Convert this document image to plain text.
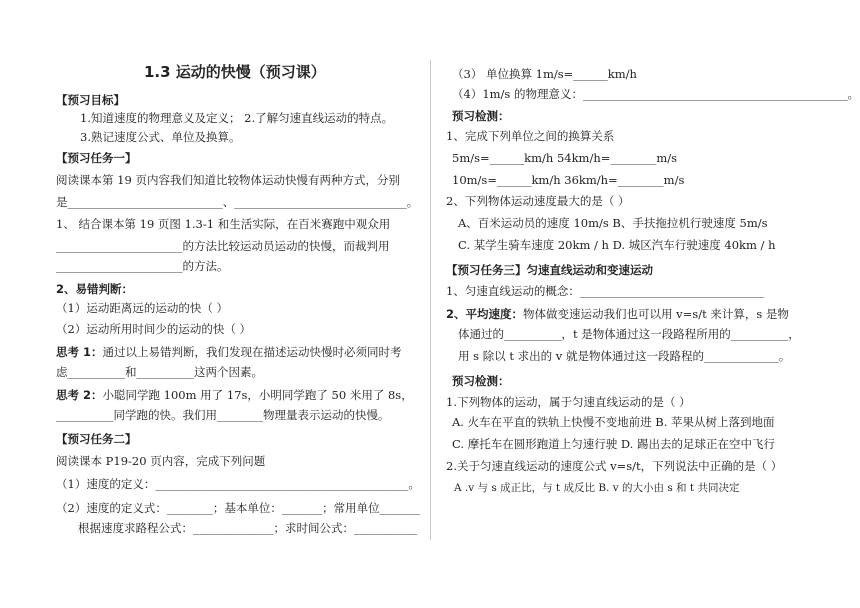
1.3 运动的快慢（预习课）
【预习目标】
1.知道速度的物理意义及定义； 2.了解匀速直线运动的特点。
3.熟记速度公式、单位及换算。
【预习任务一】
阅读课本第 19 页内容我们知道比较物体运动快慢有两种方式，分别
是___________________________、______________________________。
1、 结合课本第 19 页图 1.3-1 和生活实际，在百米赛跑中观众用
______________________的方法比较运动员运动的快慢，而裁判用
______________________的方法。
2、易错判断：
（1）运动距离远的运动的快（ ）
（2）运动所用时间少的运动的快（ ）
思考 1：通过以上易错判断，我们发现在描述运动快慢时必须同时考
虑__________和__________这两个因素。
思考 2：小聪同学跑 100m 用了 17s，小明同学跑了 50 米用了 8s，
__________同学跑的快。我们用________物理量表示运动的快慢。
【预习任务二】
阅读课本 P19-20 页内容，完成下列问题
（1）速度的定义：____________________________________________。
（2）速度的定义式：________；基本单位：_______；常用单位_______
根据速度求路程公式：______________；求时间公式：___________
（3） 单位换算 1m/s=______km/h
（4）1m/s 的物理意义：______________________________________________。
预习检测：
1、完成下列单位之间的换算关系
5m/s=______km/h 54km/h=________m/s
10m/s=______km/h 36km/h=________m/s
2、下列物体运动速度最大的是（ ）
A、百米运动员的速度 10m/s B、手扶拖拉机行驶速度 5m/s
C. 某学生骑车速度 20km / h D. 城区汽车行驶速度 40km / h
【预习任务三】匀速直线运动和变速运动
1、匀速直线运动的概念：________________________________
2、平均速度：物体做变速运动我们也可以用 v=s/t 来计算，s 是物
体通过的__________，t 是物体通过这一段路程所用的__________，
用 s 除以 t 求出的 v 就是物体通过这一段路程的_____________。
预习检测：
1.下列物体的运动，属于匀速直线运动的是（ ）
A. 火车在平直的铁轨上快慢不变地前进 B. 苹果从树上落到地面
C. 摩托车在圆形跑道上匀速行驶 D. 踢出去的足球正在空中飞行
2.关于匀速直线运动的速度公式 v=s/t，下列说法中正确的是（ ）
A .v 与 s 成正比，与 t 成反比 B. v 的大小由 s 和 t 共同决定
